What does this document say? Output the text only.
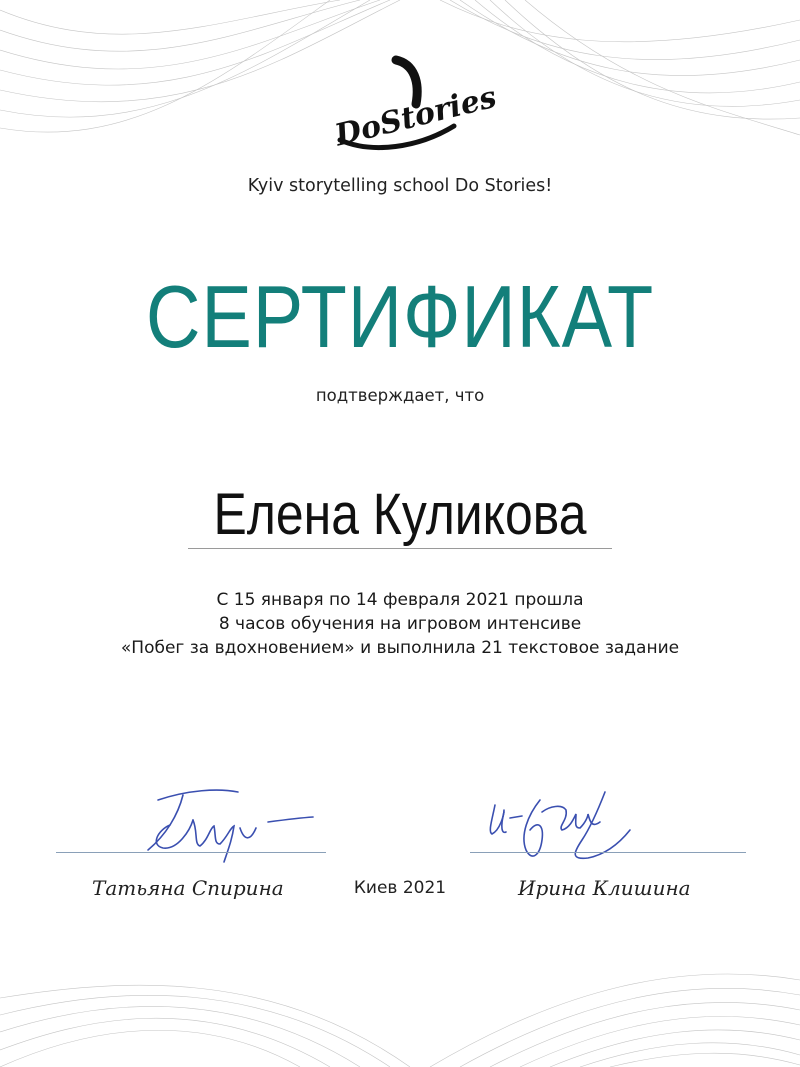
DoStories
Kyiv storytelling school Do Stories!
СЕРТИФИКАТ
подтверждает, что
Елена Куликова
С 15 января по 14 февраля 2021 прошла
8 часов обучения на игровом интенсиве
«Побег за вдохновением» и выполнила 21 текстовое задание
Татьяна Спирина	Киев 2021	Ирина Клишина
